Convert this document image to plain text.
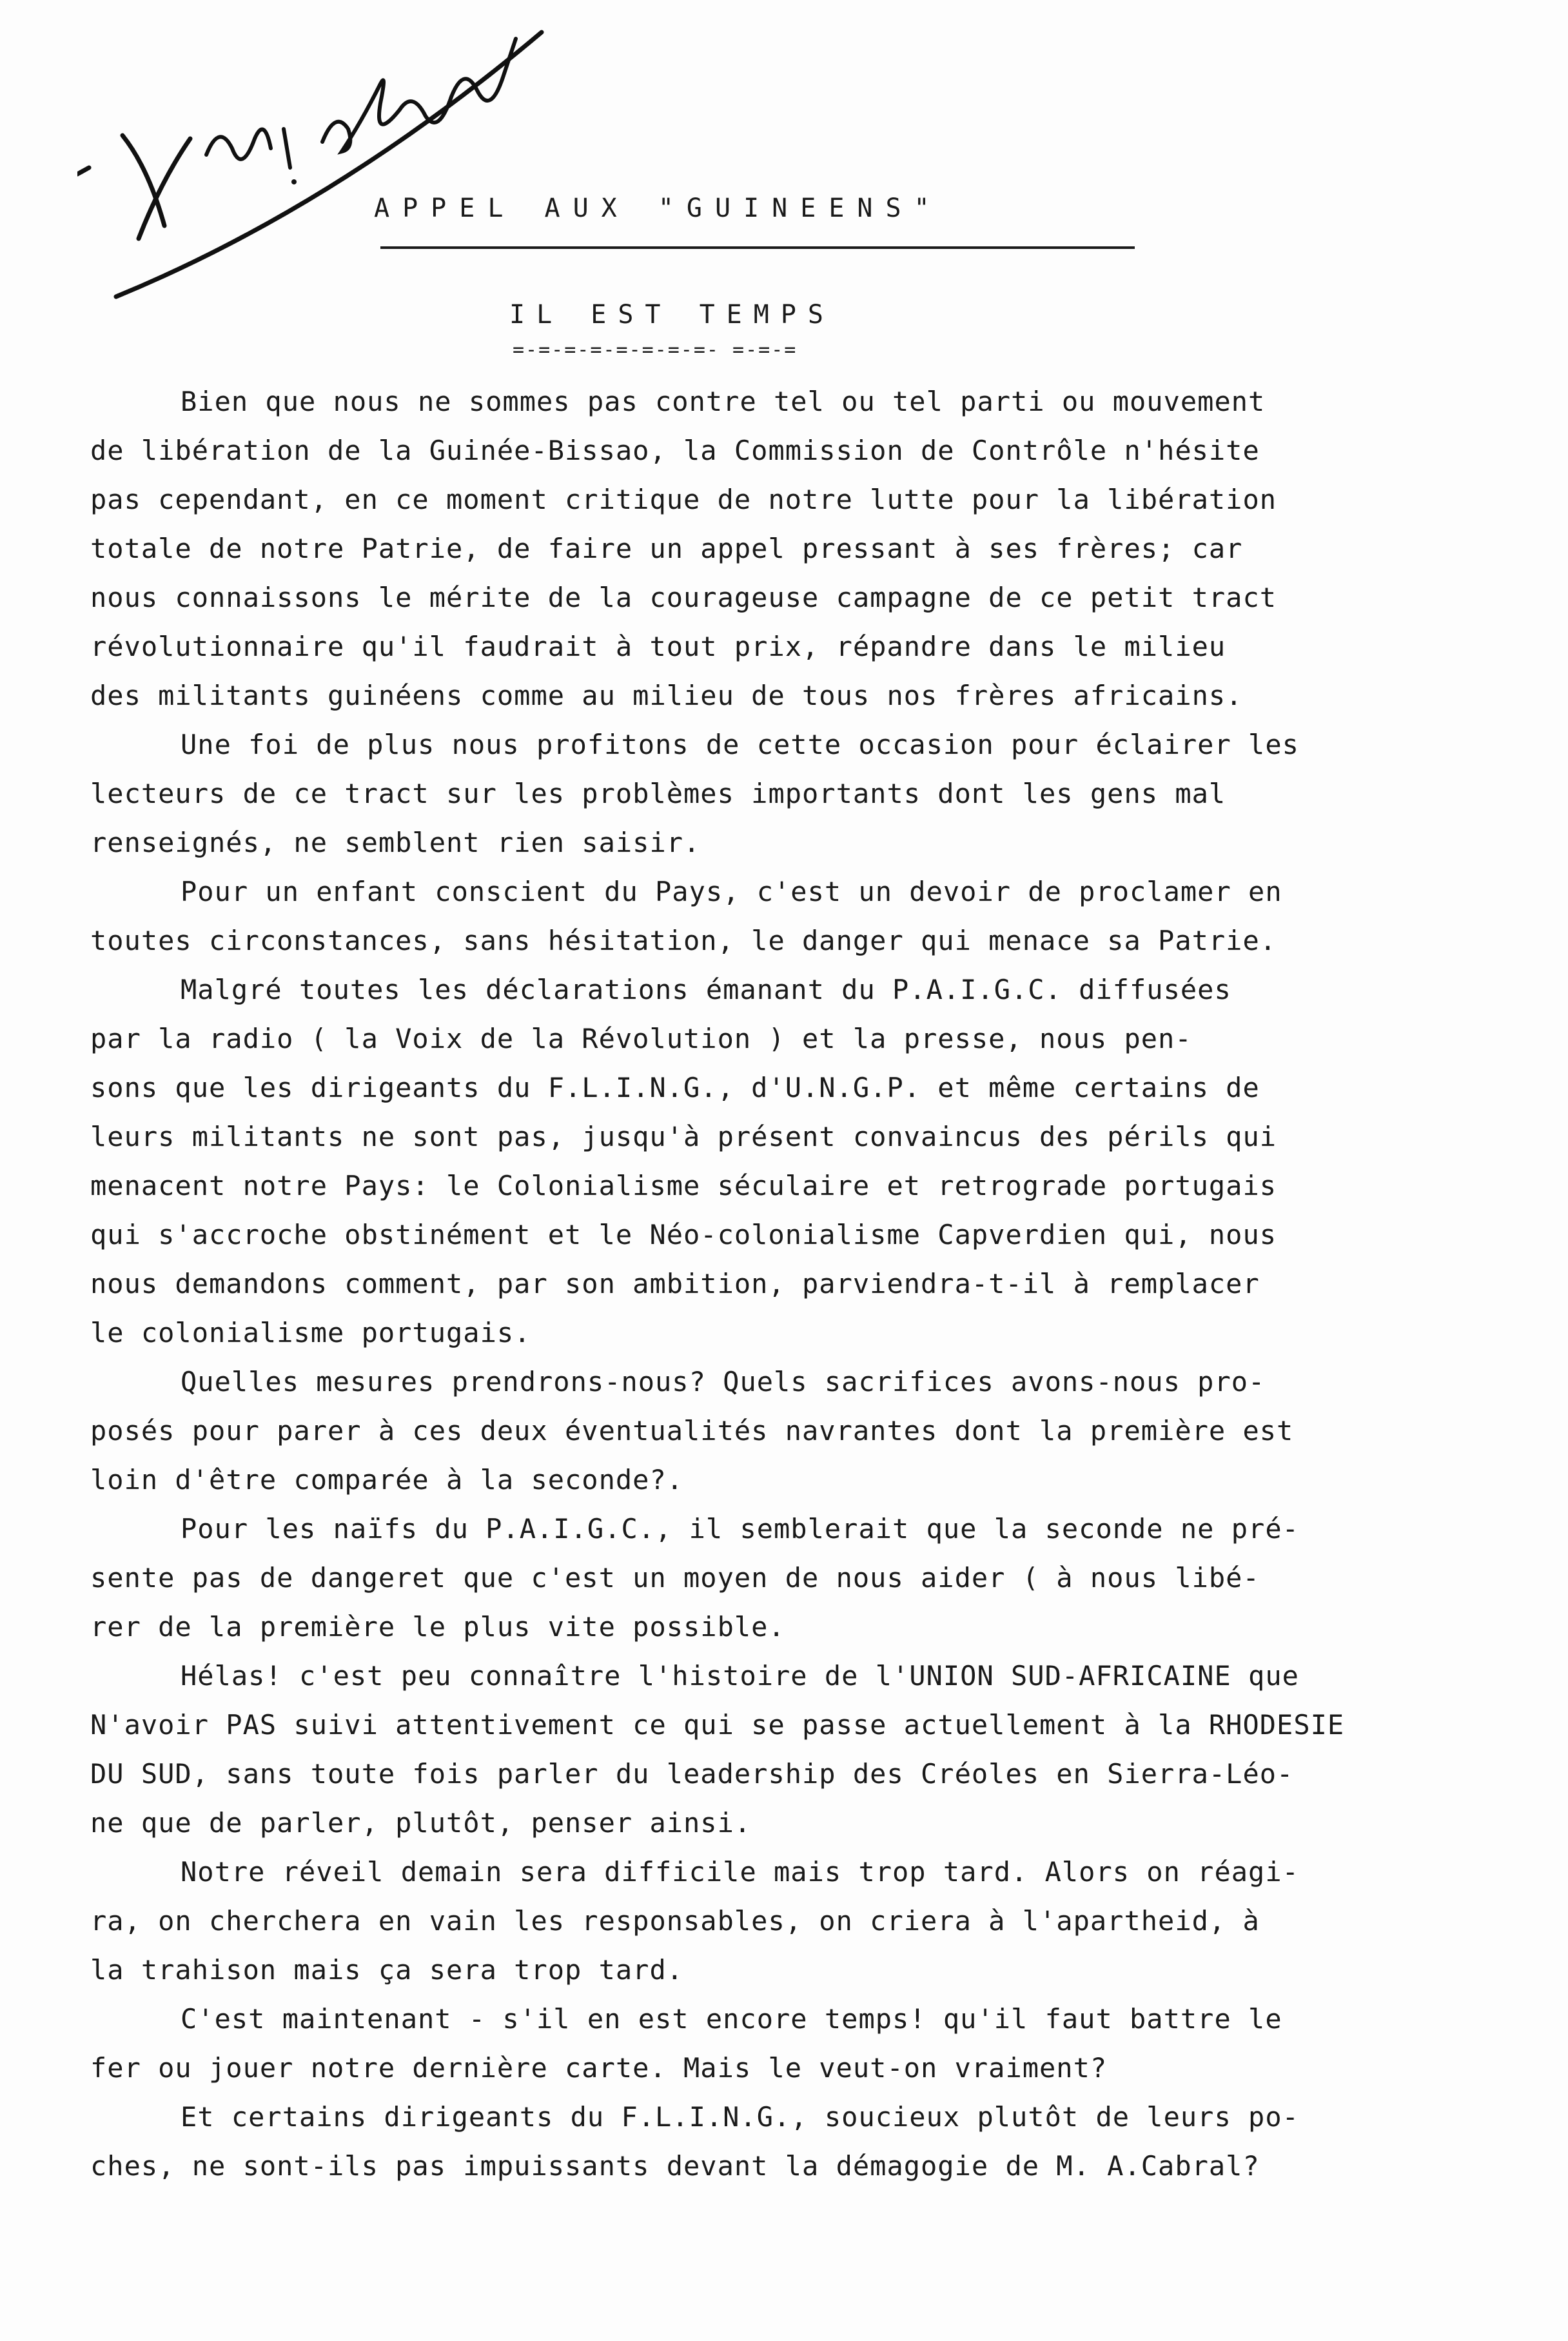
Xi~ afai
APPEL AUX "GUINEENS"
IL EST TEMPS
=-=-=-=-=-=-=-=- =-=-=
Bien que nous ne sommes pas contre tel ou tel parti ou mouvement
de libération de la Guinée-Bissao, la Commission de Contrôle n'hésite
pas cependant, en ce moment critique de notre lutte pour la libération
totale de notre Patrie, de faire un appel pressant à ses frères; car
nous connaissons le mérite de la courageuse campagne de ce petit tract
révolutionnaire qu'il faudrait à tout prix, répandre dans le milieu
des militants guinéens comme au milieu de tous nos frères africains.
Une foi de plus nous profitons de cette occasion pour éclairer les
lecteurs de ce tract sur les problèmes importants dont les gens mal
renseignés, ne semblent rien saisir.
Pour un enfant conscient du Pays, c'est un devoir de proclamer en
toutes circonstances, sans hésitation, le danger qui menace sa Patrie.
Malgré toutes les déclarations émanant du P.A.I.G.C. diffusées
par la radio ( la Voix de la Révolution ) et la presse, nous pen-
sons que les dirigeants du F.L.I.N.G., d'U.N.G.P. et même certains de
leurs militants ne sont pas, jusqu'à présent convaincus des périls qui
menacent notre Pays: le Colonialisme séculaire et retrograde portugais
qui s'accroche obstinément et le Néo-colonialisme Capverdien qui, nous
nous demandons comment, par son ambition, parviendra-t-il à remplacer
le colonialisme portugais.
Quelles mesures prendrons-nous? Quels sacrifices avons-nous pro-
posés pour parer à ces deux éventualités navrantes dont la première est
loin d'être comparée à la seconde?.
Pour les naïfs du P.A.I.G.C., il semblerait que la seconde ne pré-
sente pas de dangeret que c'est un moyen de nous aider ( à nous libé-
rer de la première le plus vite possible.
Hélas! c'est peu connaître l'histoire de l'UNION SUD-AFRICAINE que
N'avoir PAS suivi attentivement ce qui se passe actuellement à la RHODESIE
DU SUD, sans toute fois parler du leadership des Créoles en Sierra-Léo-
ne que de parler, plutôt, penser ainsi.
Notre réveil demain sera difficile mais trop tard. Alors on réagi-
ra, on cherchera en vain les responsables, on criera à l'apartheid, à
la trahison mais ça sera trop tard.
C'est maintenant - s'il en est encore temps! qu'il faut battre le
fer ou jouer notre dernière carte. Mais le veut-on vraiment?
Et certains dirigeants du F.L.I.N.G., soucieux plutôt de leurs po-
ches, ne sont-ils pas impuissants devant la démagogie de M. A.Cabral?
